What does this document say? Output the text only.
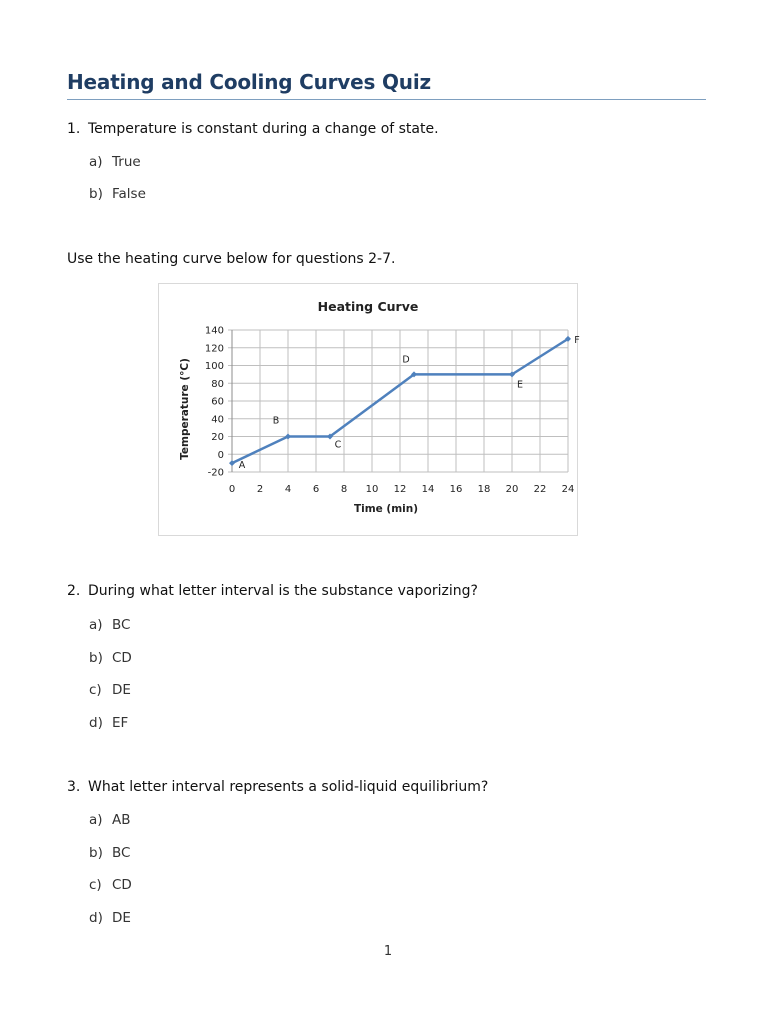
Heating and Cooling Curves Quiz
1. Temperature is constant during a change of state.
a) True
b) False
Use the heating curve below for questions 2-7.
0 2 4 6 8 10 12 14 16 18 20 22 24
-20
0
20
40
60
80
100
120
140
A
B
C
D
E
F
Heating Curve
Time (min)
Temperature (°C)
2. During what letter interval is the substance vaporizing?
a) BC
b) CD
c) DE
d) EF
3. What letter interval represents a solid-liquid equilibrium?
a) AB
b) BC
c) CD
d) DE
1
